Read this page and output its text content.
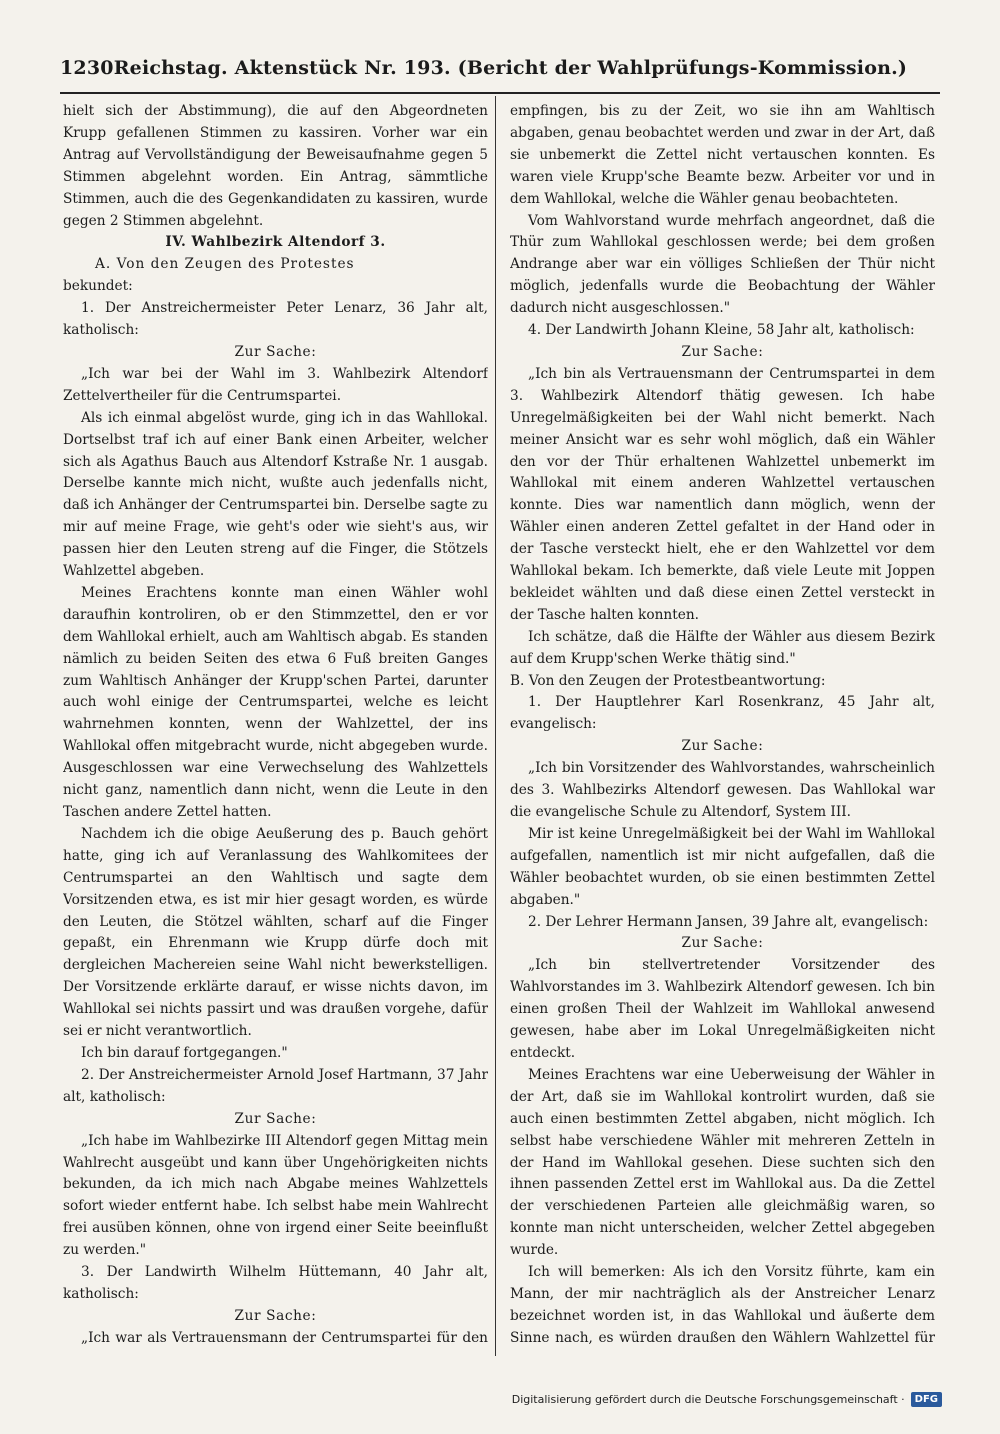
1230 Reichstag. Aktenstück Nr. 193. (Bericht der Wahlprüfungs-Kommission.)

hielt sich der Abstimmung), die auf den Abgeordneten Krupp gefallenen Stimmen zu kassiren. Vorher war ein Antrag auf Vervollständigung der Beweisaufnahme gegen 5 Stimmen abgelehnt worden. Ein Antrag, sämmtliche Stimmen, auch die des Gegenkandidaten zu kassiren, wurde gegen 2 Stimmen abgelehnt.

IV. Wahlbezirk Altendorf 3.

A. Von den Zeugen des Protestes

bekundet:

1. Der Anstreichermeister Peter Lenarz, 36 Jahr alt, katholisch:

Zur Sache:

„Ich war bei der Wahl im 3. Wahlbezirk Altendorf Zettelvertheiler für die Centrumspartei.

Als ich einmal abgelöst wurde, ging ich in das Wahllokal. Dortselbst traf ich auf einer Bank einen Arbeiter, welcher sich als Agathus Bauch aus Altendorf Kstraße Nr. 1 ausgab. Derselbe kannte mich nicht, wußte auch jedenfalls nicht, daß ich Anhänger der Centrumspartei bin. Derselbe sagte zu mir auf meine Frage, wie geht's oder wie sieht's aus, wir passen hier den Leuten streng auf die Finger, die Stötzels Wahlzettel abgeben.

Meines Erachtens konnte man einen Wähler wohl daraufhin kontroliren, ob er den Stimmzettel, den er vor dem Wahllokal erhielt, auch am Wahltisch abgab. Es standen nämlich zu beiden Seiten des etwa 6 Fuß breiten Ganges zum Wahltisch Anhänger der Krupp'schen Partei, darunter auch wohl einige der Centrumspartei, welche es leicht wahrnehmen konnten, wenn der Wahlzettel, der ins Wahllokal offen mitgebracht wurde, nicht abgegeben wurde. Ausgeschlossen war eine Verwechselung des Wahlzettels nicht ganz, namentlich dann nicht, wenn die Leute in den Taschen andere Zettel hatten.

Nachdem ich die obige Aeußerung des p. Bauch gehört hatte, ging ich auf Veranlassung des Wahlkomitees der Centrumspartei an den Wahltisch und sagte dem Vorsitzenden etwa, es ist mir hier gesagt worden, es würde den Leuten, die Stötzel wählten, scharf auf die Finger gepaßt, ein Ehrenmann wie Krupp dürfe doch mit dergleichen Machereien seine Wahl nicht bewerkstelligen. Der Vorsitzende erklärte darauf, er wisse nichts davon, im Wahllokal sei nichts passirt und was draußen vorgehe, dafür sei er nicht verantwortlich.

Ich bin darauf fortgegangen."

2. Der Anstreichermeister Arnold Josef Hartmann, 37 Jahr alt, katholisch:

Zur Sache:

„Ich habe im Wahlbezirke III Altendorf gegen Mittag mein Wahlrecht ausgeübt und kann über Ungehörigkeiten nichts bekunden, da ich mich nach Abgabe meines Wahlzettels sofort wieder entfernt habe. Ich selbst habe mein Wahlrecht frei ausüben können, ohne von irgend einer Seite beeinflußt zu werden."

3. Der Landwirth Wilhelm Hüttemann, 40 Jahr alt, katholisch:

Zur Sache:

„Ich war als Vertrauensmann der Centrumspartei für den

empfingen, bis zu der Zeit, wo sie ihn am Wahltisch abgaben, genau beobachtet werden und zwar in der Art, daß sie unbemerkt die Zettel nicht vertauschen konnten. Es waren viele Krupp'sche Beamte bezw. Arbeiter vor und in dem Wahllokal, welche die Wähler genau beobachteten.

Vom Wahlvorstand wurde mehrfach angeordnet, daß die Thür zum Wahllokal geschlossen werde; bei dem großen Andrange aber war ein völliges Schließen der Thür nicht möglich, jedenfalls wurde die Beobachtung der Wähler dadurch nicht ausgeschlossen."

4. Der Landwirth Johann Kleine, 58 Jahr alt, katholisch:

Zur Sache:

„Ich bin als Vertrauensmann der Centrumspartei in dem 3. Wahlbezirk Altendorf thätig gewesen. Ich habe Unregelmäßigkeiten bei der Wahl nicht bemerkt. Nach meiner Ansicht war es sehr wohl möglich, daß ein Wähler den vor der Thür erhaltenen Wahlzettel unbemerkt im Wahllokal mit einem anderen Wahlzettel vertauschen konnte. Dies war namentlich dann möglich, wenn der Wähler einen anderen Zettel gefaltet in der Hand oder in der Tasche versteckt hielt, ehe er den Wahlzettel vor dem Wahllokal bekam. Ich bemerkte, daß viele Leute mit Joppen bekleidet wählten und daß diese einen Zettel versteckt in der Tasche halten konnten.

Ich schätze, daß die Hälfte der Wähler aus diesem Bezirk auf dem Krupp'schen Werke thätig sind."

B. Von den Zeugen der Protestbeantwortung:

1. Der Hauptlehrer Karl Rosenkranz, 45 Jahr alt, evangelisch:

Zur Sache:

„Ich bin Vorsitzender des Wahlvorstandes, wahrscheinlich des 3. Wahlbezirks Altendorf gewesen. Das Wahllokal war die evangelische Schule zu Altendorf, System III.

Mir ist keine Unregelmäßigkeit bei der Wahl im Wahllokal aufgefallen, namentlich ist mir nicht aufgefallen, daß die Wähler beobachtet wurden, ob sie einen bestimmten Zettel abgaben."

2. Der Lehrer Hermann Jansen, 39 Jahre alt, evangelisch:

Zur Sache:

„Ich bin stellvertretender Vorsitzender des Wahlvorstandes im 3. Wahlbezirk Altendorf gewesen. Ich bin einen großen Theil der Wahlzeit im Wahllokal anwesend gewesen, habe aber im Lokal Unregelmäßigkeiten nicht entdeckt.

Meines Erachtens war eine Ueberweisung der Wähler in der Art, daß sie im Wahllokal kontrolirt wurden, daß sie auch einen bestimmten Zettel abgaben, nicht möglich. Ich selbst habe verschiedene Wähler mit mehreren Zetteln in der Hand im Wahllokal gesehen. Diese suchten sich den ihnen passenden Zettel erst im Wahllokal aus. Da die Zettel der verschiedenen Parteien alle gleichmäßig waren, so konnte man nicht unterscheiden, welcher Zettel abgegeben wurde.

Ich will bemerken: Als ich den Vorsitz führte, kam ein Mann, der mir nachträglich als der Anstreicher Lenarz bezeichnet worden ist, in das Wahllokal und äußerte dem Sinne nach, es würden draußen den Wählern Wahlzettel für

Digitalisierung gefördert durch die Deutsche Forschungsgemeinschaft ·	DFG
